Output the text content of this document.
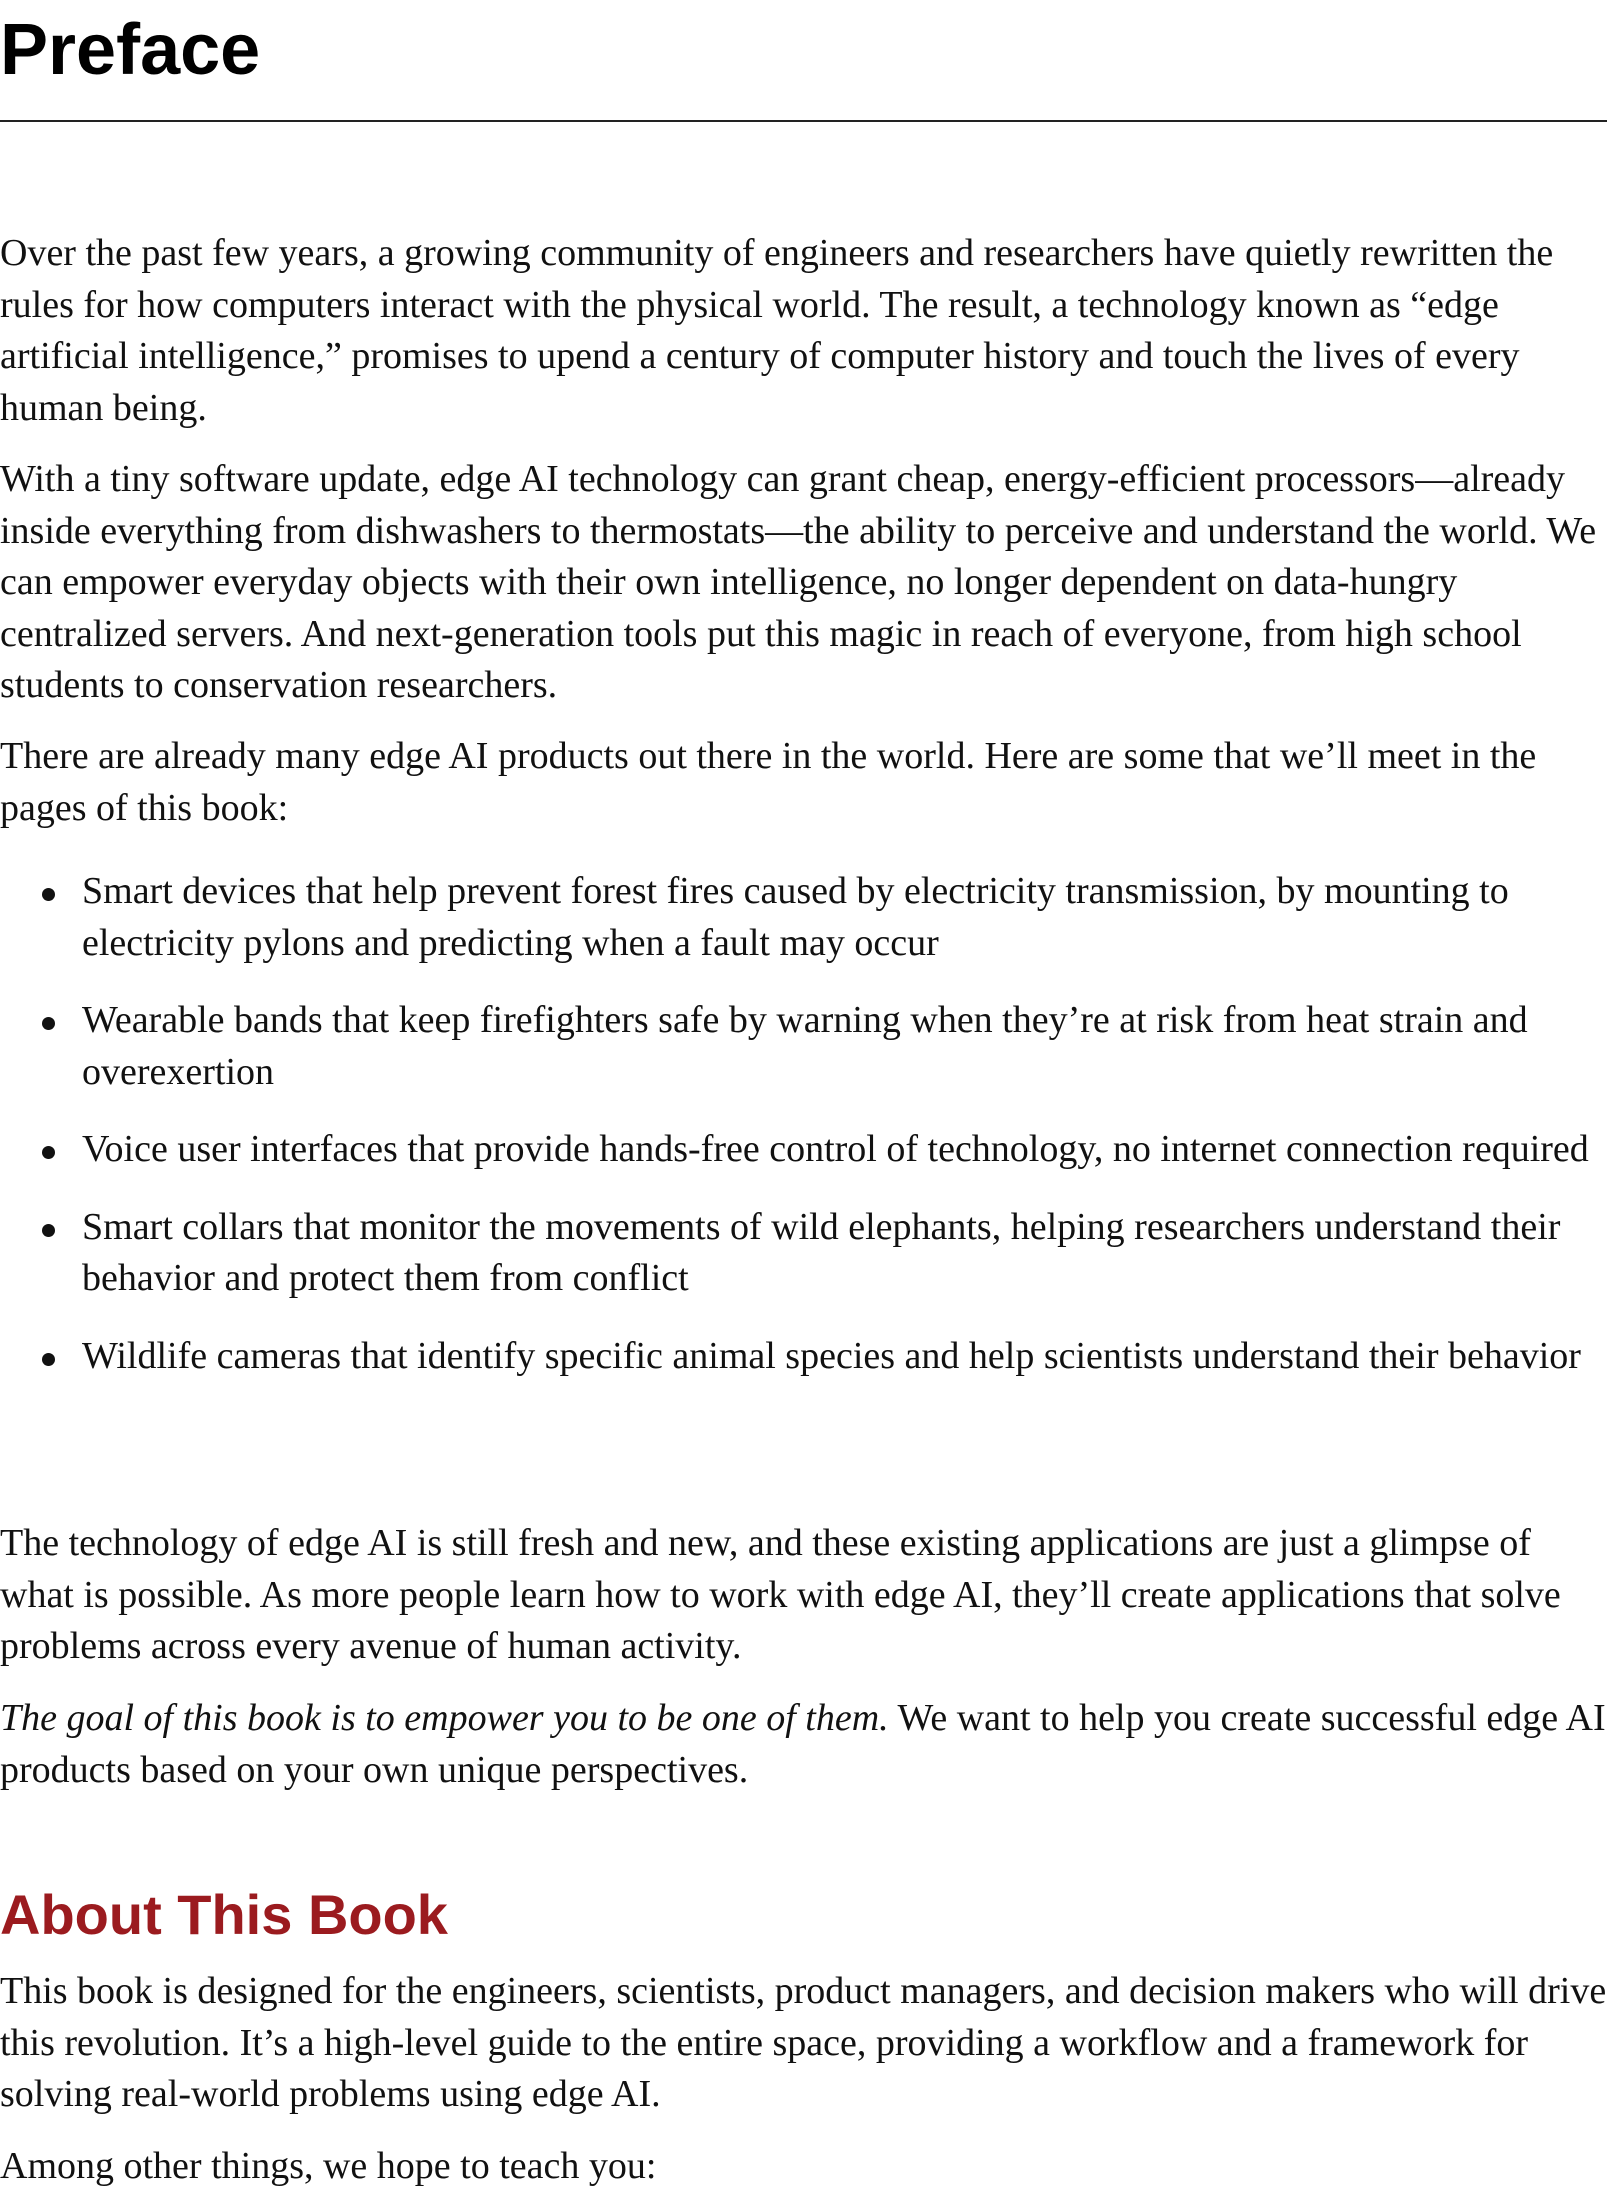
Preface

Over the past few years, a growing community of engineers and researchers have quietly rewritten the rules for how computers interact with the physical world. The result, a technology known as “edge artificial intelligence,” promises to upend a century of computer history and touch the lives of every human being.

With a tiny software update, edge AI technology can grant cheap, energy-efficient processors—already inside everything from dishwashers to thermostats—the ability to perceive and understand the world. We can empower everyday objects with their own intelligence, no longer dependent on data-hungry centralized servers. And next-generation tools put this magic in reach of everyone, from high school students to conservation researchers.

There are already many edge AI products out there in the world. Here are some that we’ll meet in the pages of this book:

Smart devices that help prevent forest fires caused by electricity transmission, by mounting to electricity pylons and predicting when a fault may occur
Wearable bands that keep firefighters safe by warning when they’re at risk from heat strain and overexertion
Voice user interfaces that provide hands-free control of technology, no internet connection required
Smart collars that monitor the movements of wild elephants, helping researchers understand their behavior and protect them from conflict
Wildlife cameras that identify specific animal species and help scientists understand their behavior

The technology of edge AI is still fresh and new, and these existing applications are just a glimpse of what is possible. As more people learn how to work with edge AI, they’ll create applications that solve problems across every avenue of human activity.

The goal of this book is to empower you to be one of them. We want to help you create successful edge AI products based on your own unique perspectives.

About This Book

This book is designed for the engineers, scientists, product managers, and decision makers who will drive this revolution. It’s a high-level guide to the entire space, providing a workflow and a framework for solving real-world problems using edge AI.

Among other things, we hope to teach you:
